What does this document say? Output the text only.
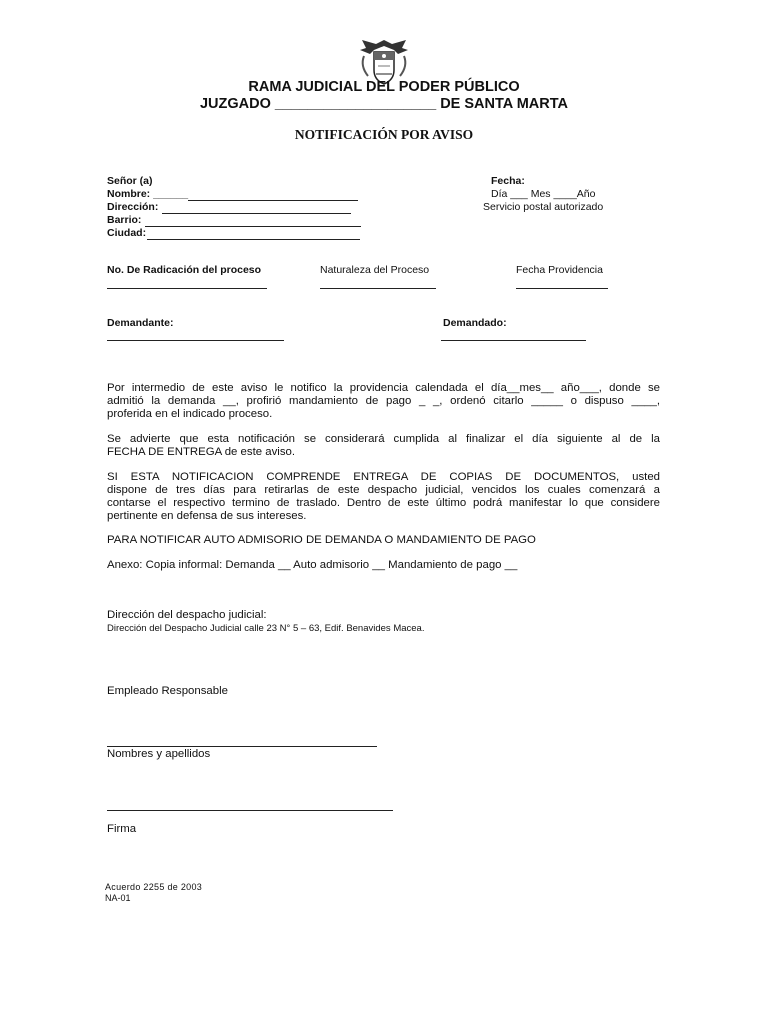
RAMA JUDICIAL DEL PODER PÚBLICO
JUZGADO ____________________ DE SANTA MARTA
NOTIFICACIÓN POR AVISO
Señor (a)
Nombre: ______
Dirección:
Barrio:
Ciudad:
Fecha:
Día ___ Mes ____Año
Servicio postal autorizado
No. De Radicación del proceso	Naturaleza del Proceso	Fecha Providencia
Demandante:	Demandado:
Por intermedio de este aviso le notifico la providencia calendada el día__mes__ año___, donde se
admitió la demanda __, profirió mandamiento de pago _ _, ordenó citarlo _____ o dispuso ____,
proferida en el indicado proceso.
Se advierte que esta notificación se considerará cumplida al finalizar el día siguiente al de la
FECHA DE ENTREGA de este aviso.
SI ESTA NOTIFICACION COMPRENDE ENTREGA DE COPIAS DE DOCUMENTOS, usted
dispone de tres días para retirarlas de este despacho judicial, vencidos los cuales comenzará a
contarse el respectivo termino de traslado. Dentro de este último podrá manifestar lo que considere
pertinente en defensa de sus intereses.
PARA NOTIFICAR AUTO ADMISORIO DE DEMANDA O MANDAMIENTO DE PAGO
Anexo: Copia informal: Demanda __ Auto admisorio __ Mandamiento de pago __
Dirección del despacho judicial:
Dirección del Despacho Judicial calle 23 N° 5 – 63, Edif. Benavides Macea.
Empleado Responsable
Nombres y apellidos
Firma
Acuerdo 2255 de 2003
NA-01
